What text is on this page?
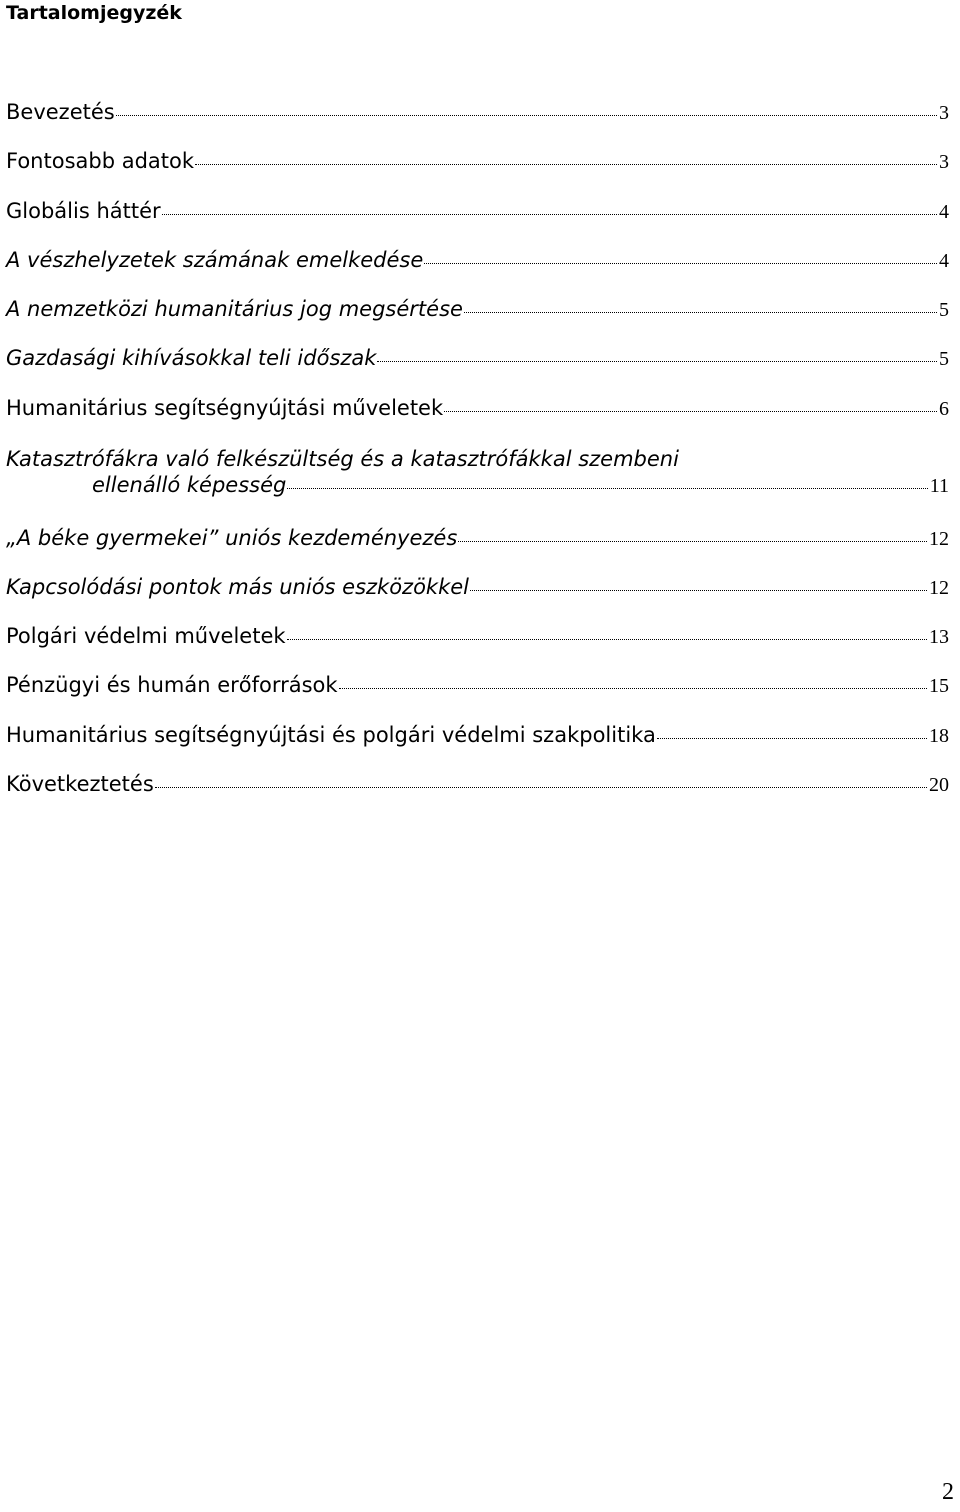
Tartalomjegyzék
Bevezetés	3
Fontosabb adatok	3
Globális háttér	4
A vészhelyzetek számának emelkedése	4
A nemzetközi humanitárius jog megsértése	5
Gazdasági kihívásokkal teli időszak	5
Humanitárius segítségnyújtási műveletek	6
Katasztrófákra való felkészültség és a katasztrófákkal szembeni
ellenálló képesség	11
„A béke gyermekei” uniós kezdeményezés	12
Kapcsolódási pontok más uniós eszközökkel	12
Polgári védelmi műveletek	13
Pénzügyi és humán erőforrások	15
Humanitárius segítségnyújtási és polgári védelmi szakpolitika	18
Következtetés	20
2
